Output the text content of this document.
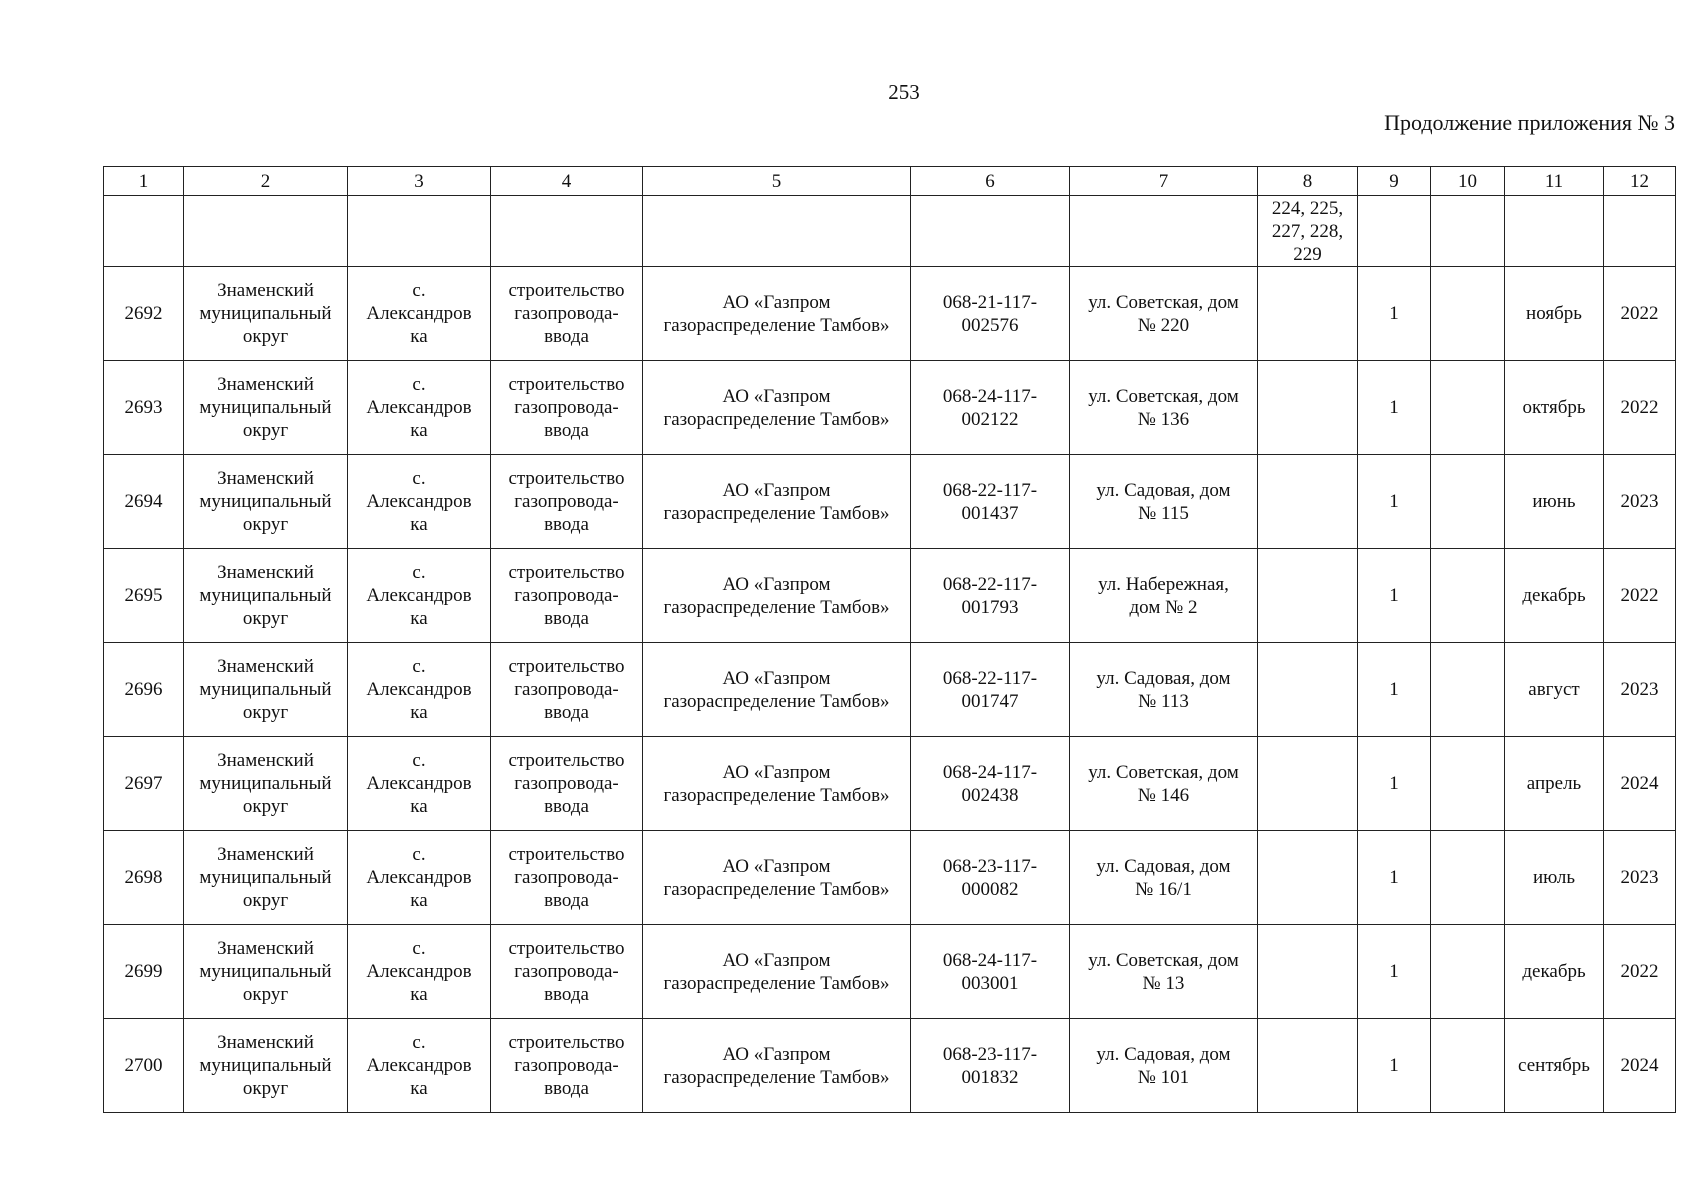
253
Продолжение приложения № 3
1	2	3	4	5	6	7	8	9	10	11	12

							224, 225,
227, 228,
229				

2692	Знаменский
муниципальный
округ	с.
Александров
ка	строительство
газопровода-
ввода	АО «Газпром
газораспределение Тамбов»	068-21-117-
002576	ул. Советская, дом
№ 220		1		ноябрь	2022
2693	Знаменский
муниципальный
округ	с.
Александров
ка	строительство
газопровода-
ввода	АО «Газпром
газораспределение Тамбов»	068-24-117-
002122	ул. Советская, дом
№ 136		1		октябрь	2022
2694	Знаменский
муниципальный
округ	с.
Александров
ка	строительство
газопровода-
ввода	АО «Газпром
газораспределение Тамбов»	068-22-117-
001437	ул. Садовая, дом
№ 115		1		июнь	2023
2695	Знаменский
муниципальный
округ	с.
Александров
ка	строительство
газопровода-
ввода	АО «Газпром
газораспределение Тамбов»	068-22-117-
001793	ул. Набережная,
дом № 2		1		декабрь	2022
2696	Знаменский
муниципальный
округ	с.
Александров
ка	строительство
газопровода-
ввода	АО «Газпром
газораспределение Тамбов»	068-22-117-
001747	ул. Садовая, дом
№ 113		1		август	2023
2697	Знаменский
муниципальный
округ	с.
Александров
ка	строительство
газопровода-
ввода	АО «Газпром
газораспределение Тамбов»	068-24-117-
002438	ул. Советская, дом
№ 146		1		апрель	2024
2698	Знаменский
муниципальный
округ	с.
Александров
ка	строительство
газопровода-
ввода	АО «Газпром
газораспределение Тамбов»	068-23-117-
000082	ул. Садовая, дом
№ 16/1		1		июль	2023
2699	Знаменский
муниципальный
округ	с.
Александров
ка	строительство
газопровода-
ввода	АО «Газпром
газораспределение Тамбов»	068-24-117-
003001	ул. Советская, дом
№ 13		1		декабрь	2022
2700	Знаменский
муниципальный
округ	с.
Александров
ка	строительство
газопровода-
ввода	АО «Газпром
газораспределение Тамбов»	068-23-117-
001832	ул. Садовая, дом
№ 101		1		сентябрь	2024
